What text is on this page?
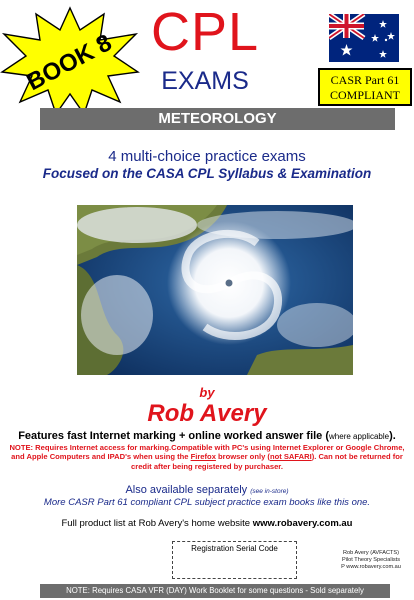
BOOK 8 CPL
EXAMS	CASR Part 61
COMPLIANT
METEOROLOGY
4 multi-choice practice exams
Focused on the CASA CPL Syllabus & Examination
by
Rob Avery
Features fast Internet marking + online worked answer file (where applicable).
NOTE: Requires Internet access for marking.Compatible with PC's using Internet Explorer or Google Chrome, and Apple Computers and IPAD's when using the Firefox browser only (not SAFARI). Can not be returned for credit after being registered by purchaser.
Also available separately (see in-store)
More CASR Part 61 compliant CPL subject practice exam books like this one.
Full product list at Rob Avery's home website www.robavery.com.au
Registration Serial Code	Rob Avery (AVFACTS)
Pilot Theory Specialists
P www.robavery.com.au
NOTE: Requires CASA VFR (DAY) Work Booklet for some questions - Sold separately
